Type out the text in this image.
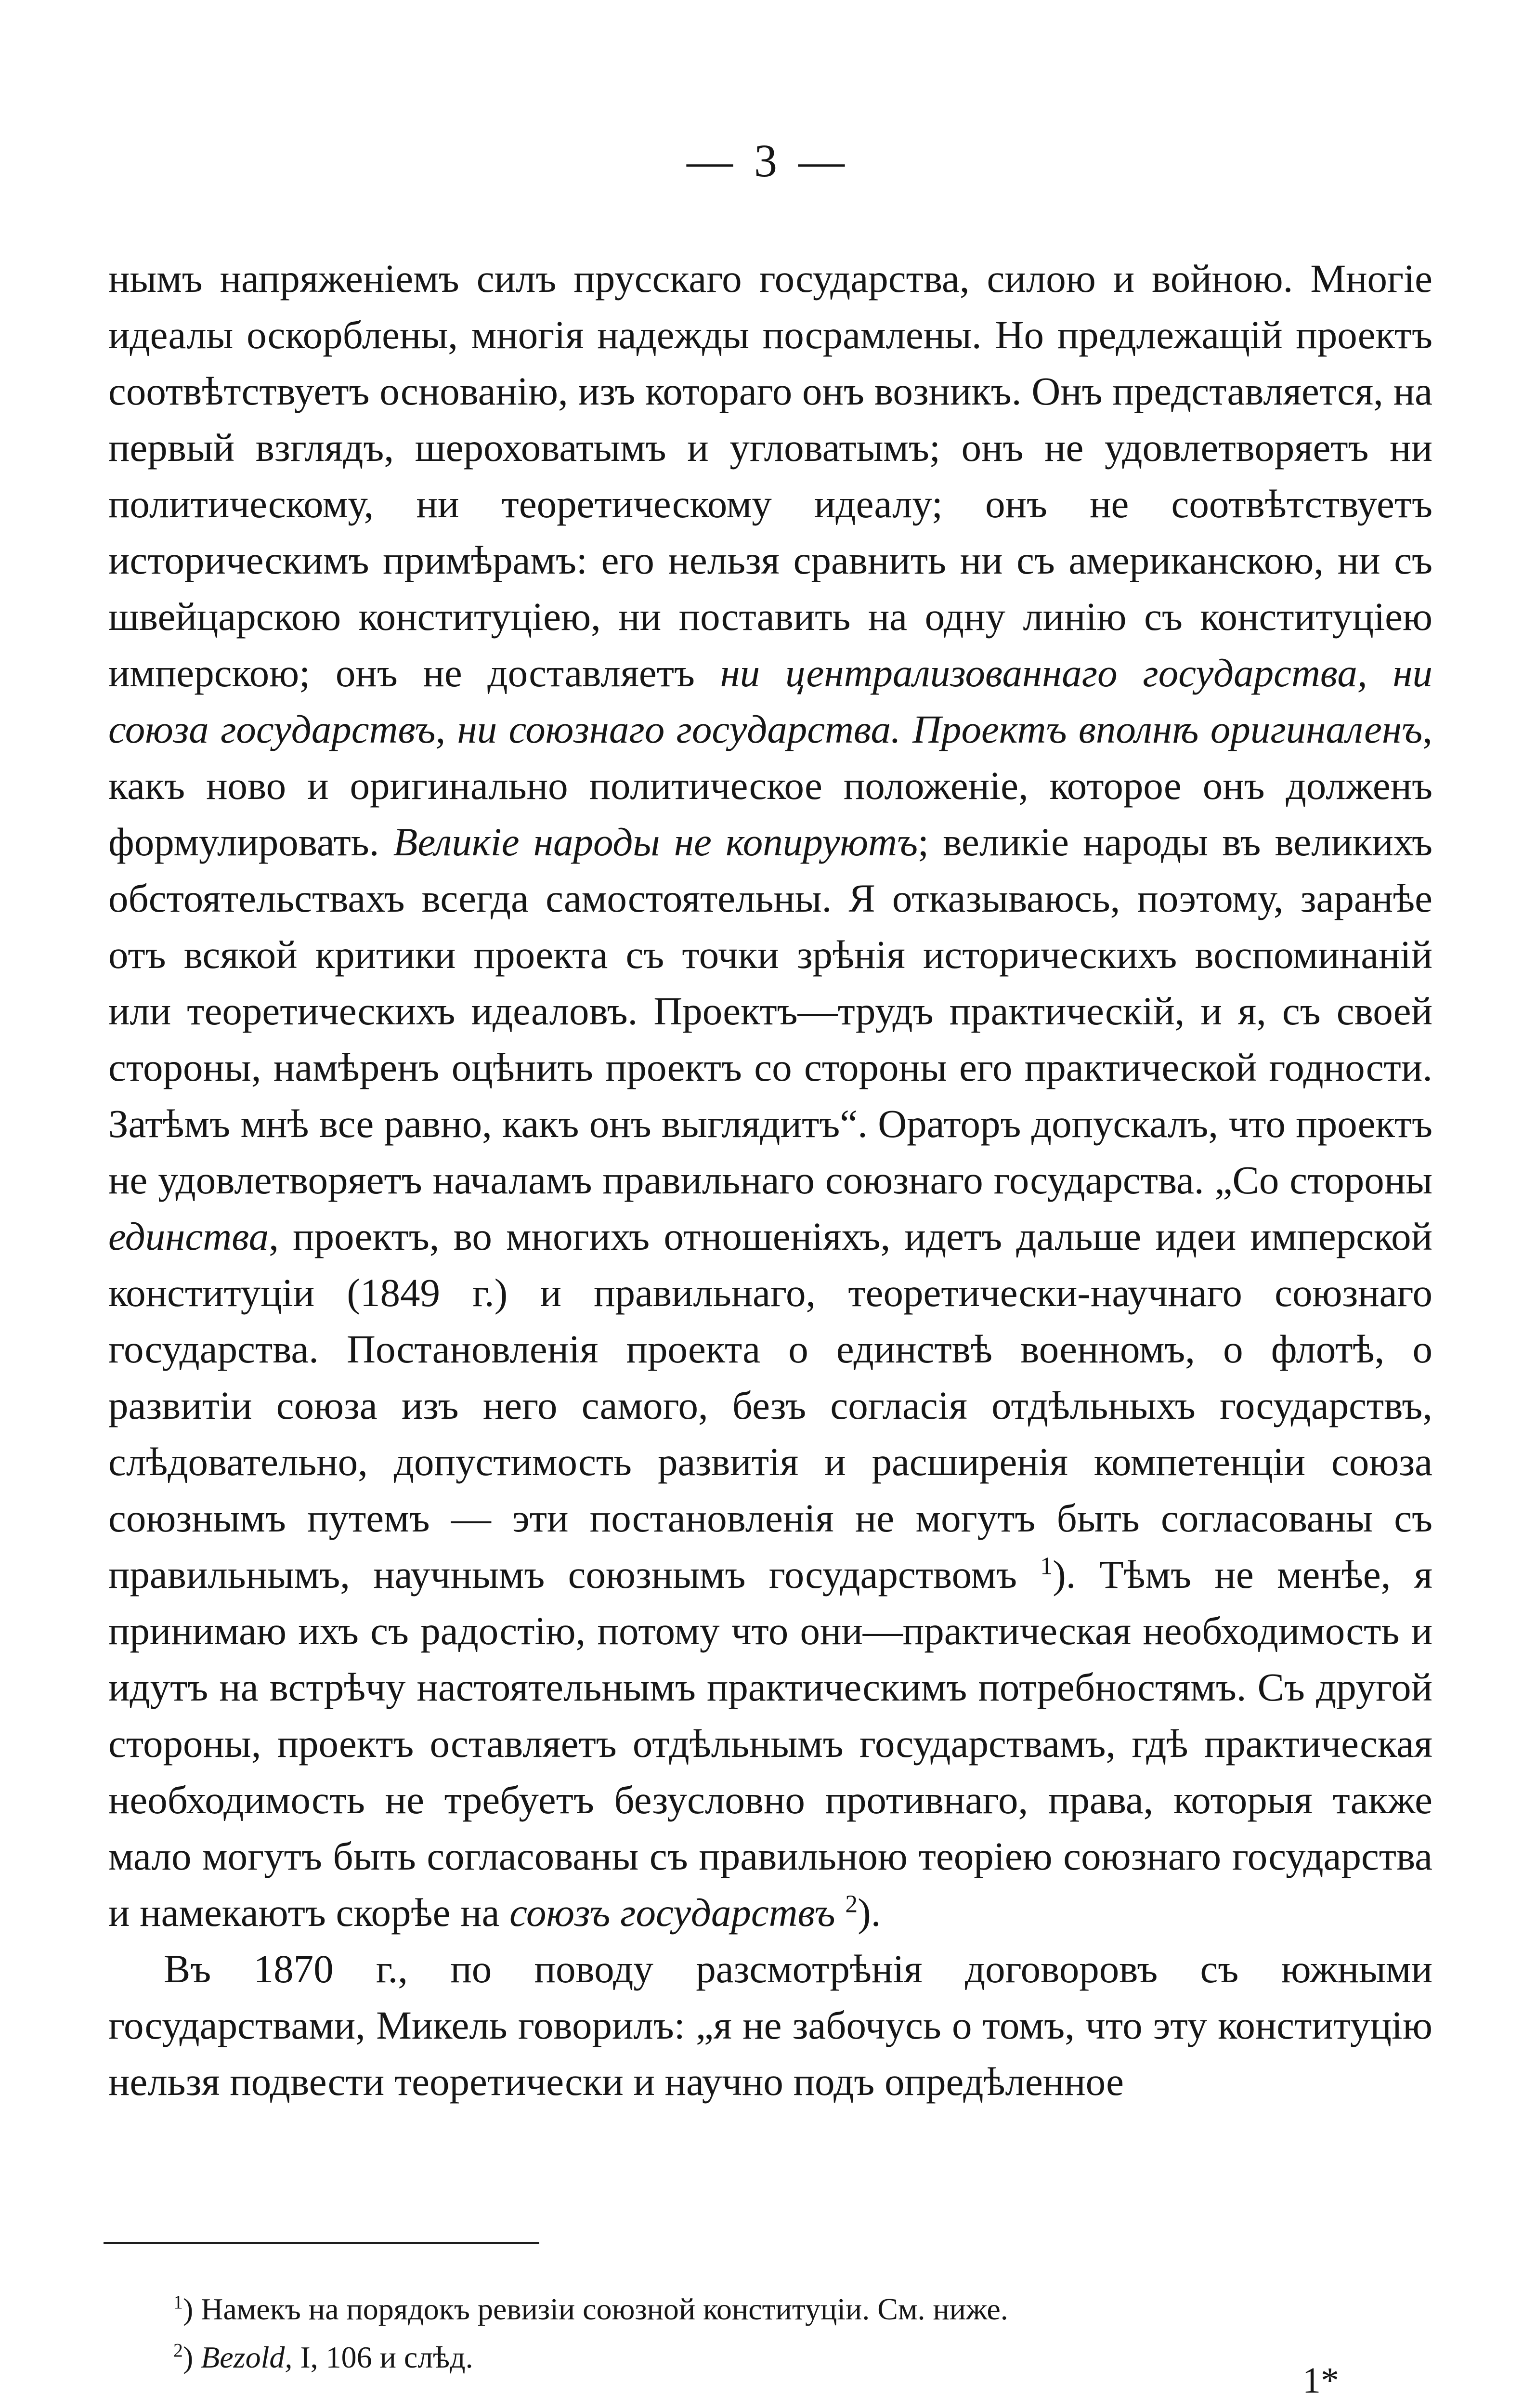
— 3 —

нымъ напряженіемъ силъ прусскаго государства, силою и войною. Многіе идеалы оскорблены, многія надежды посрамлены. Но предлежащій проектъ соотвѣтствуетъ основанію, изъ котораго онъ возникъ. Онъ представляется, на первый взглядъ, шероховатымъ и угловатымъ; онъ не удовлетворяетъ ни политическому, ни теоретическому идеалу; онъ не соотвѣтствуетъ историческимъ примѣрамъ: его нельзя сравнить ни съ американскою, ни съ швейцарскою конституціею, ни поставить на одну линію съ конституціею имперскою; онъ не доставляетъ ни централизованнаго государства, ни союза государствъ, ни союзнаго государства. Проектъ вполнѣ оригиналенъ, какъ ново и оригинально политическое положеніе, которое онъ долженъ формулировать. Великіе народы не копируютъ; великіе народы въ великихъ обстоятельствахъ всегда самостоятельны. Я отказываюсь, поэтому, заранѣе отъ всякой критики проекта съ точки зрѣнія историческихъ воспоминаній или теоретическихъ идеаловъ. Проектъ—трудъ практическій, и я, съ своей стороны, намѣренъ оцѣнить проектъ со стороны его практической годности. Затѣмъ мнѣ все равно, какъ онъ выглядитъ“. Ораторъ допускалъ, что проектъ не удовлетворяетъ началамъ правильнаго союзнаго государства. „Со стороны единства, проектъ, во многихъ отношеніяхъ, идетъ дальше идеи имперской конституціи (1849 г.) и правильнаго, теоретически-научнаго союзнаго государства. Постановленія проекта о единствѣ военномъ, о флотѣ, о развитіи союза изъ него самого, безъ согласія отдѣльныхъ государствъ, слѣдовательно, допустимость развитія и расширенія компетенціи союза союзнымъ путемъ — эти постановленія не могутъ быть согласованы съ правильнымъ, научнымъ союзнымъ государствомъ $^1$). Тѣмъ не менѣе, я принимаю ихъ съ радостію, потому что они—практическая необходимость и идутъ на встрѣчу настоятельнымъ практическимъ потребностямъ. Съ другой стороны, проектъ оставляетъ отдѣльнымъ государствамъ, гдѣ практическая необходимость не требуетъ безусловно противнаго, права, которыя также мало могутъ быть согласованы съ правильною теоріею союзнаго государства и намекаютъ скорѣе на союзъ государствъ $^2$).

Въ 1870 г., по поводу разсмотрѣнія договоровъ съ южными государствами, Микель говорилъ: „я не забочусь о томъ, что эту конституцію нельзя подвести теоретически и научно подъ опредѣленное

$^1$) Намекъ на порядокъ ревизіи союзной конституціи. См. ниже.
$^2$) Bezold, I, 106 и слѣд.
1*
